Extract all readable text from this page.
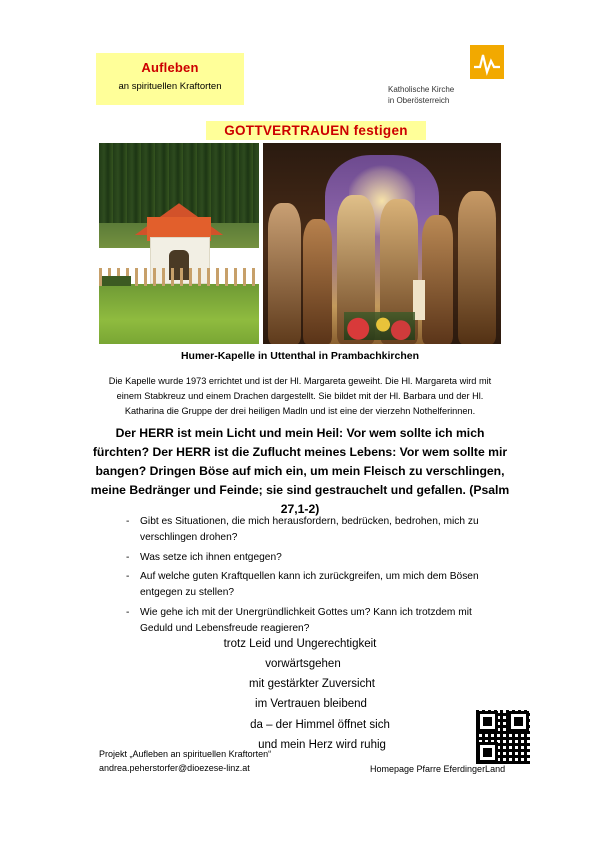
Aufleben
an spirituellen Kraftorten	Katholische Kirche
in Oberösterreich
GOTTVERTRAUEN festigen
Humer-Kapelle in Uttenthal in Prambachkirchen
Die Kapelle wurde 1973 errichtet und ist der Hl. Margareta geweiht. Die Hl. Margareta wird mit einem Stabkreuz und einem Drachen dargestellt. Sie bildet mit der Hl. Barbara und der Hl. Katharina die Gruppe der drei heiligen Madln und ist eine der vierzehn Nothelferinnen.
Der HERR ist mein Licht und mein Heil: Vor wem sollte ich mich fürchten? Der HERR ist die Zuflucht meines Lebens: Vor wem sollte mir bangen? Dringen Böse auf mich ein, um mein Fleisch zu verschlingen, meine Bedränger und Feinde; sie sind gestrauchelt und gefallen. (Psalm 27,1-2)
- Gibt es Situationen, die mich herausfordern, bedrücken, bedrohen, mich zu verschlingen drohen?
- Was setze ich ihnen entgegen?
- Auf welche guten Kraftquellen kann ich zurückgreifen, um mich dem Bösen entgegen zu stellen?
- Wie gehe ich mit der Unergründlichkeit Gottes um? Kann ich trotzdem mit Geduld und Lebensfreude reagieren?
trotz Leid und Ungerechtigkeit
vorwärtsgehen
mit gestärkter Zuversicht
im Vertrauen bleibend
da – der Himmel öffnet sich
und mein Herz wird ruhig
Projekt „Aufleben an spirituellen Kraftorten“
andrea.peherstorfer@dioezese-linz.at	Homepage Pfarre EferdingerLand
